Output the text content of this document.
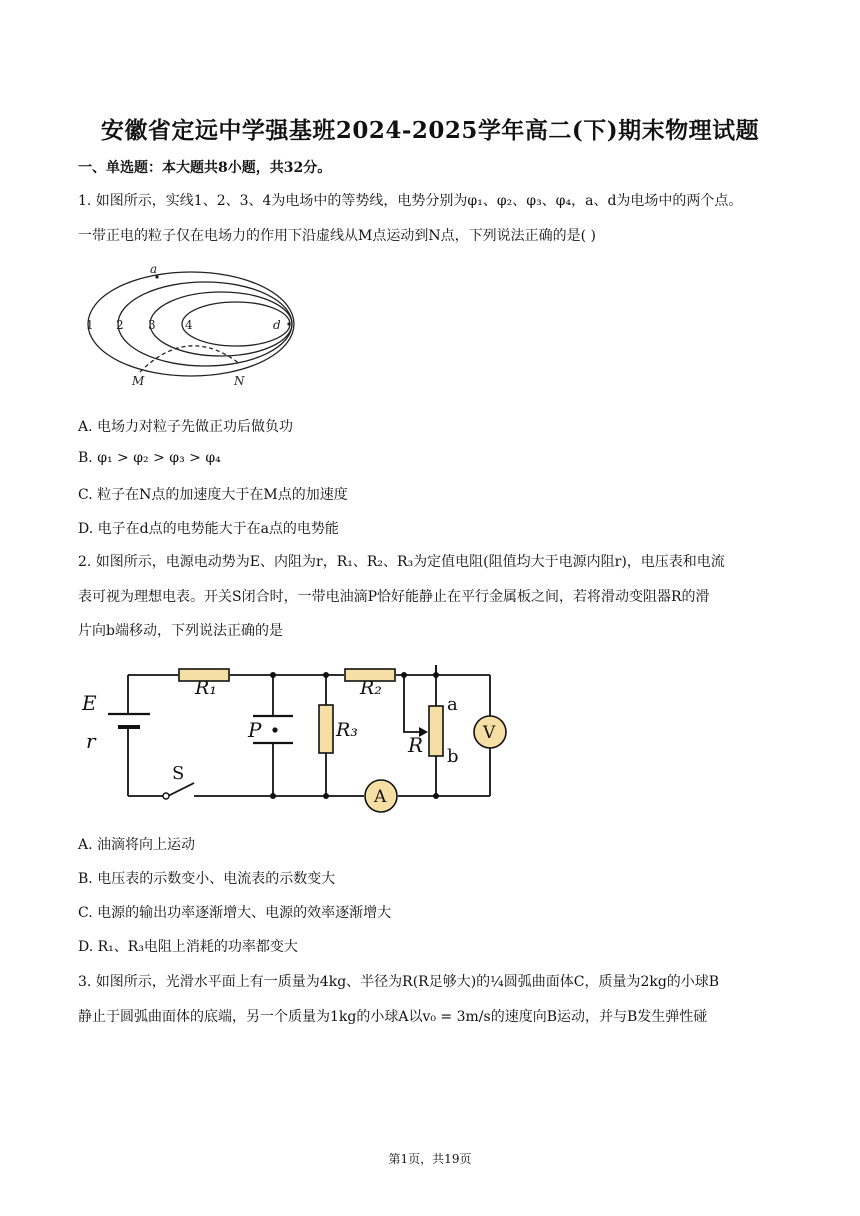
安徽省定远中学强基班2024-2025学年高二(下)期末物理试题
一、单选题：本大题共8小题，共32分。
1. 如图所示，实线1、2、3、4为电场中的等势线，电势分别为φ₁、φ₂、φ₃、φ₄，a、d为电场中的两个点。
一带正电的粒子仅在电场力的作用下沿虚线从M点运动到N点，下列说法正确的是( )
a
1 2 3 4	d
M	N
A. 电场力对粒子先做正功后做负功
B. φ₁ > φ₂ > φ₃ > φ₄
C. 粒子在N点的加速度大于在M点的加速度
D. 电子在d点的电势能大于在a点的电势能
2. 如图所示，电源电动势为E、内阻为r，R₁、R₂、R₃为定值电阻(阻值均大于电源内阻r)，电压表和电流
表可视为理想电表。开关S闭合时，一带电油滴P恰好能静止在平行金属板之间，若将滑动变阻器R的滑
片向b端移动，下列说法正确的是
E
r
R₁	R₂
R₃
P
R
a
b
S
A
V
A. 油滴将向上运动
B. 电压表的示数变小、电流表的示数变大
C. 电源的输出功率逐渐增大、电源的效率逐渐增大
D. R₁、R₃电阻上消耗的功率都变大
3. 如图所示，光滑水平面上有一质量为4kg、半径为R(R足够大)的¼圆弧曲面体C，质量为2kg的小球B
静止于圆弧曲面体的底端，另一个质量为1kg的小球A以v₀ = 3m/s的速度向B运动，并与B发生弹性碰
第1页，共19页
